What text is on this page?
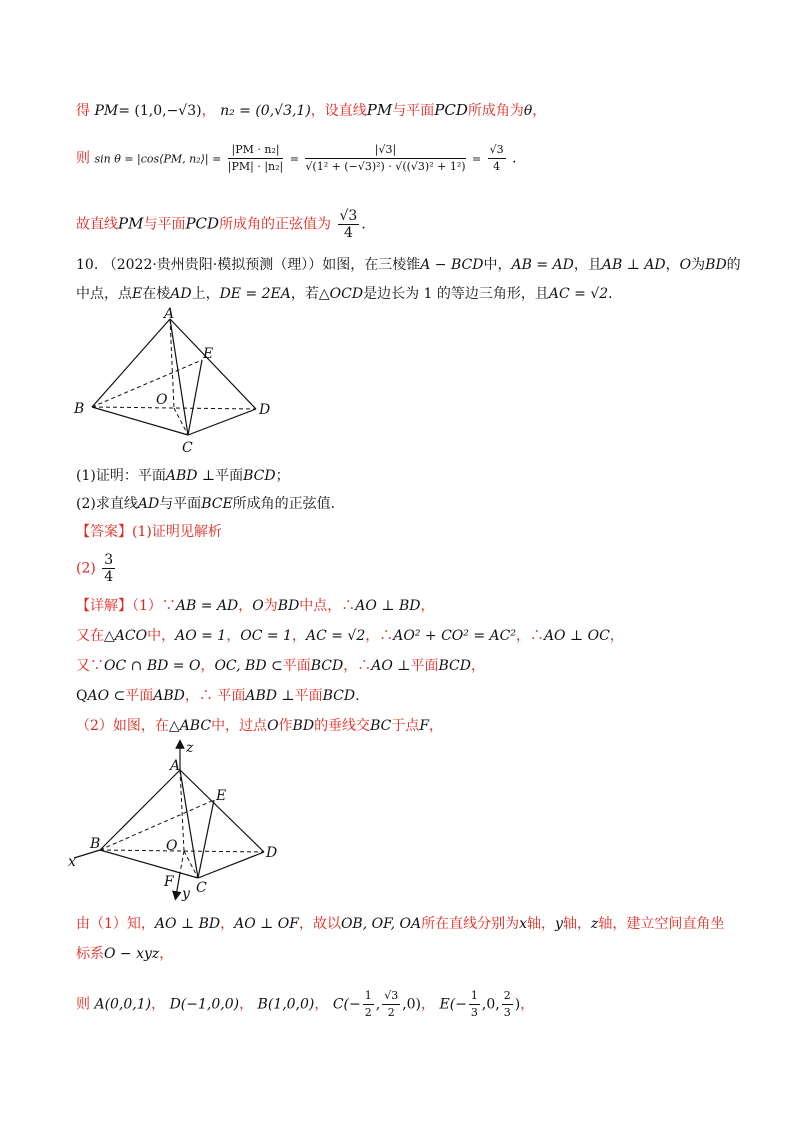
得 PM= (1,0,−√3)， n₂ = (0,√3,1)，设直线PM与平面PCD所成角为θ，
则 sin θ = |cos⟨PM, n₂⟩| = $\frac{\text{|PM · n₂|}}{\text{|PM| · |n₂|}} = \frac{|√3|}{\text{√(1² + (−√3)²) · √((√3)² + 1²)}} = \frac{√3}{4}$ ．
故直线PM与平面PCD所成角的正弦值为 $\frac{√3}{4}$ ．
10. （2022·贵州贵阳·模拟预测（理））如图，在三棱锥A − BCD中，AB = AD，且AB ⊥ AD，O为BD的
中点，点E在棱AD上，DE = 2EA，若△OCD是边长为 1 的等边三角形，且AC = √2．
A
B
C
D
E
O
(1)证明：平面ABD ⊥平面BCD；
(2)求直线AD与平面BCE所成角的正弦值.
【答案】(1)证明见解析
$(2) \frac{3}{4}$
【详解】（1）∵AB = AD，O为BD中点，∴AO ⊥ BD，
又在△ACO中，AO = 1，OC = 1，AC = √2，∴AO² + CO² = AC²，∴AO ⊥ OC，
又∵OC ∩ BD = O，OC, BD ⊂平面BCD，∴AO ⊥平面BCD，
QAO ⊂平面ABD，∴ 平面ABD ⊥平面BCD.
（2）如图，在△ABC中，过点O作BD的垂线交BC于点F，
A
z
E
B
x
O	D
F
y C
由（1）知，AO ⊥ BD，AO ⊥ OF，故以OB, OF, OA所在直线分别为x轴，y轴，z轴，建立空间直角坐
标系O − xyz，
则 A(0,0,1)， D(−1,0,0)， B(1,0,0)， $C(- \frac{1}{2}$ , $\frac{√3}{2} ,0$)， $E(- \frac{1}{3} ,0$, $\frac{2}{3}$ )，
